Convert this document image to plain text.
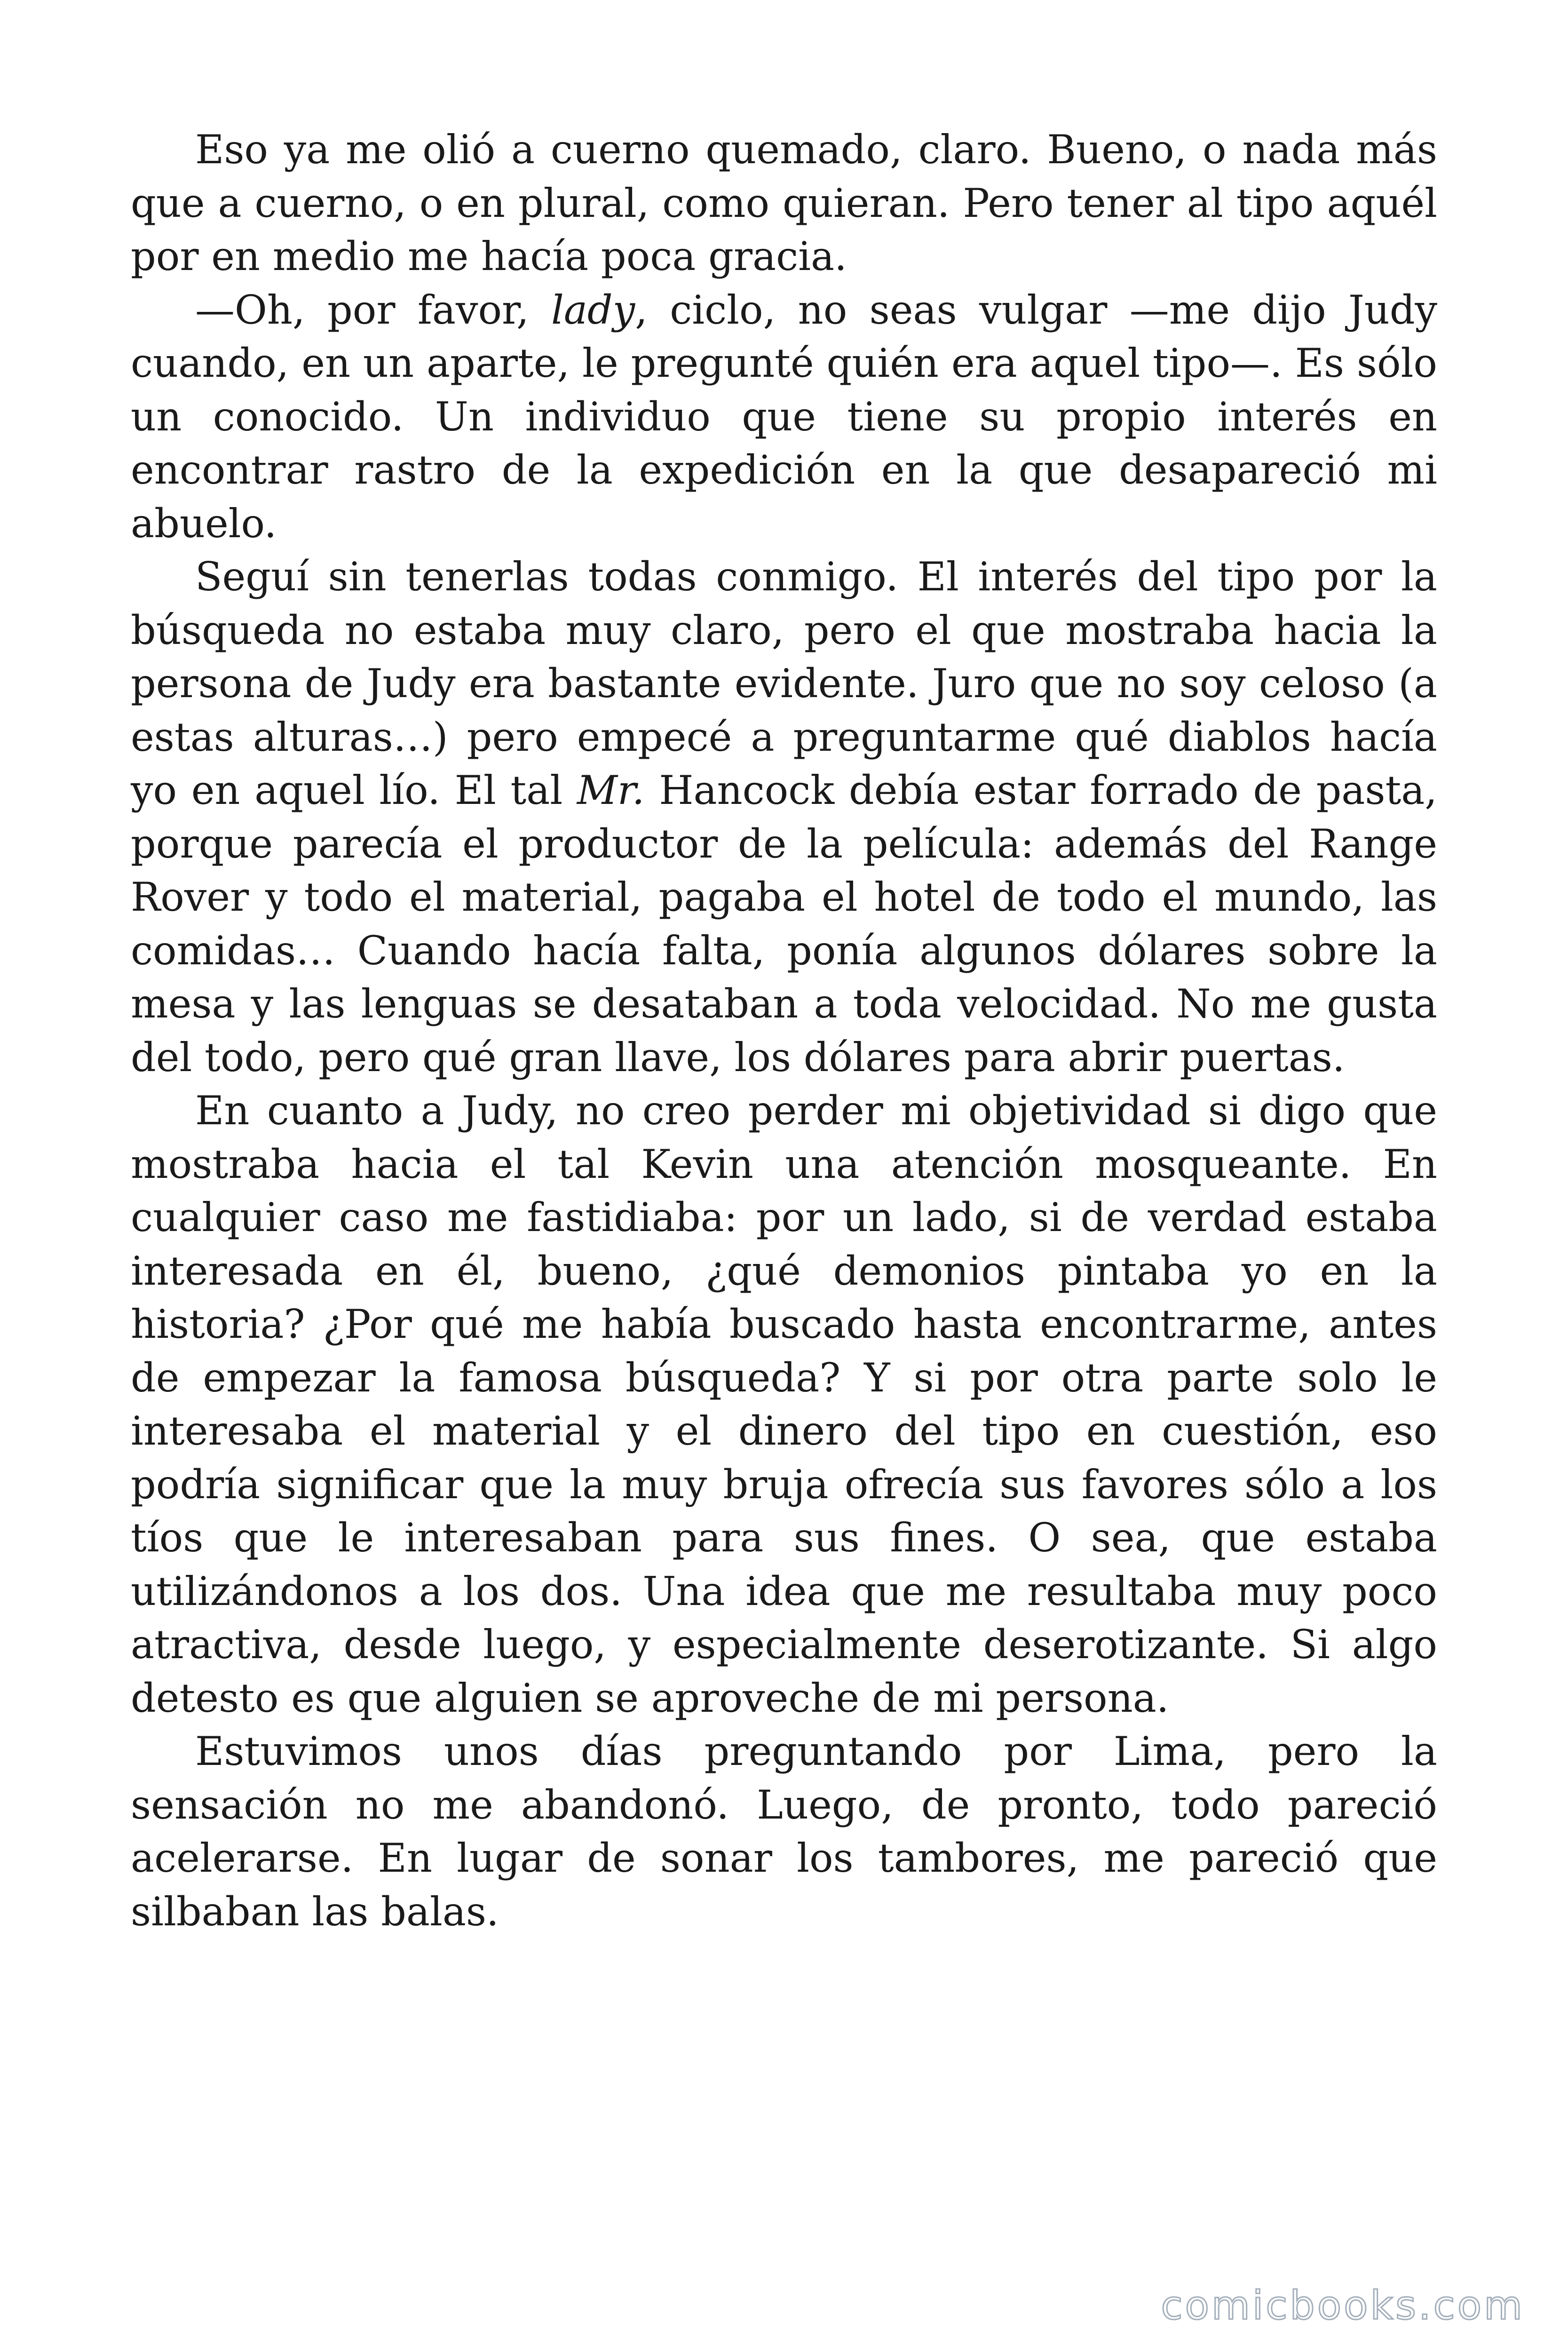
Eso ya me olió a cuerno quemado, claro. Bueno, o nada más que a cuerno, o en plural, como quieran. Pero tener al tipo aquél por en medio me hacía poca gracia.

—Oh, por favor, lady, ciclo, no seas vulgar —me dijo Judy cuando, en un aparte, le pregunté quién era aquel tipo—. Es sólo un conocido. Un individuo que tiene su propio interés en encontrar rastro de la expedición en la que desapareció mi abuelo.

Seguí sin tenerlas todas conmigo. El interés del tipo por la búsqueda no estaba muy claro, pero el que mostraba hacia la persona de Judy era bastante evidente. Juro que no soy celoso (a estas alturas…) pero empecé a preguntarme qué diablos hacía yo en aquel lío. El tal Mr. Hancock debía estar forrado de pasta, porque parecía el productor de la película: además del Range Rover y todo el material, pagaba el hotel de todo el mundo, las comidas… Cuando hacía falta, ponía algunos dólares sobre la mesa y las lenguas se desataban a toda velocidad. No me gusta del todo, pero qué gran llave, los dólares para abrir puertas.

En cuanto a Judy, no creo perder mi objetividad si digo que mostraba hacia el tal Kevin una atención mosqueante. En cualquier caso me fastidiaba: por un lado, si de verdad estaba interesada en él, bueno, ¿qué demonios pintaba yo en la historia? ¿Por qué me había buscado hasta encontrarme, antes de empezar la famosa búsqueda? Y si por otra parte solo le interesaba el material y el dinero del tipo en cuestión, eso podría significar que la muy bruja ofrecía sus favores sólo a los tíos que le interesaban para sus fines. O sea, que estaba utilizándonos a los dos. Una idea que me resultaba muy poco atractiva, desde luego, y especialmente deserotizante. Si algo detesto es que alguien se aproveche de mi persona.

Estuvimos unos días preguntando por Lima, pero la sensación no me abandonó. Luego, de pronto, todo pareció acelerarse. En lugar de sonar los tambores, me pareció que silbaban las balas.

comicbooks.com
